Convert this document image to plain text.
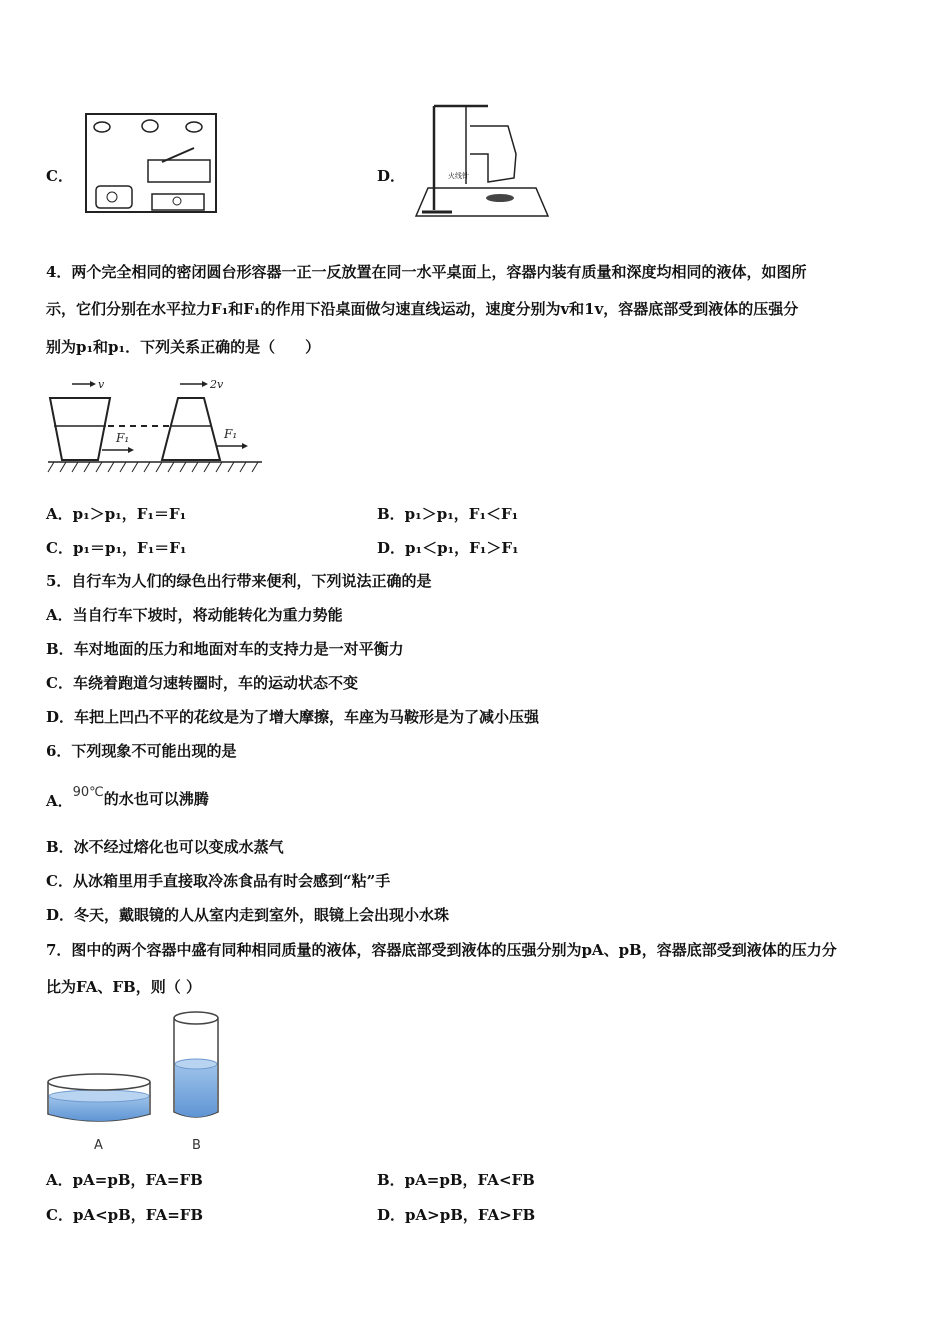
C．	D．	火线针
4．两个完全相同的密闭圆台形容器一正一反放置在同一水平桌面上，容器内装有质量和深度均相同的液体，如图所
示，它们分别在水平拉力F₁和F₁的作用下沿桌面做匀速直线运动，速度分别为v和1v，容器底部受到液体的压强分
别为p₁和p₁．下列关系正确的是（　　）
v	2v
F₁	F₁
A．p₁＞p₁，F₁＝F₁	B．p₁＞p₁，F₁＜F₁
C．p₁＝p₁，F₁＝F₁	D．p₁＜p₁，F₁＞F₁
5．自行车为人们的绿色出行带来便利，下列说法正确的是
A．当自行车下坡时，将动能转化为重力势能
B．车对地面的压力和地面对车的支持力是一对平衡力
C．车绕着跑道匀速转圈时，车的运动状态不变
D．车把上凹凸不平的花纹是为了增大摩擦，车座为马鞍形是为了减小压强
6．下列现象不可能出现的是
A．90℃的水也可以沸腾
B．冰不经过熔化也可以变成水蒸气
C．从冰箱里用手直接取冷冻食品有时会感到“粘”手
D．冬天，戴眼镜的人从室内走到室外，眼镜上会出现小水珠
7．图中的两个容器中盛有同种相同质量的液体，容器底部受到液体的压强分别为pA、pB，容器底部受到液体的压力分
比为FA、FB，则（ ）
A	B
A．pA=pB，FA=FB	B．pA=pB，FA<FB
C．pA<pB，FA=FB	D．pA>pB，FA>FB
